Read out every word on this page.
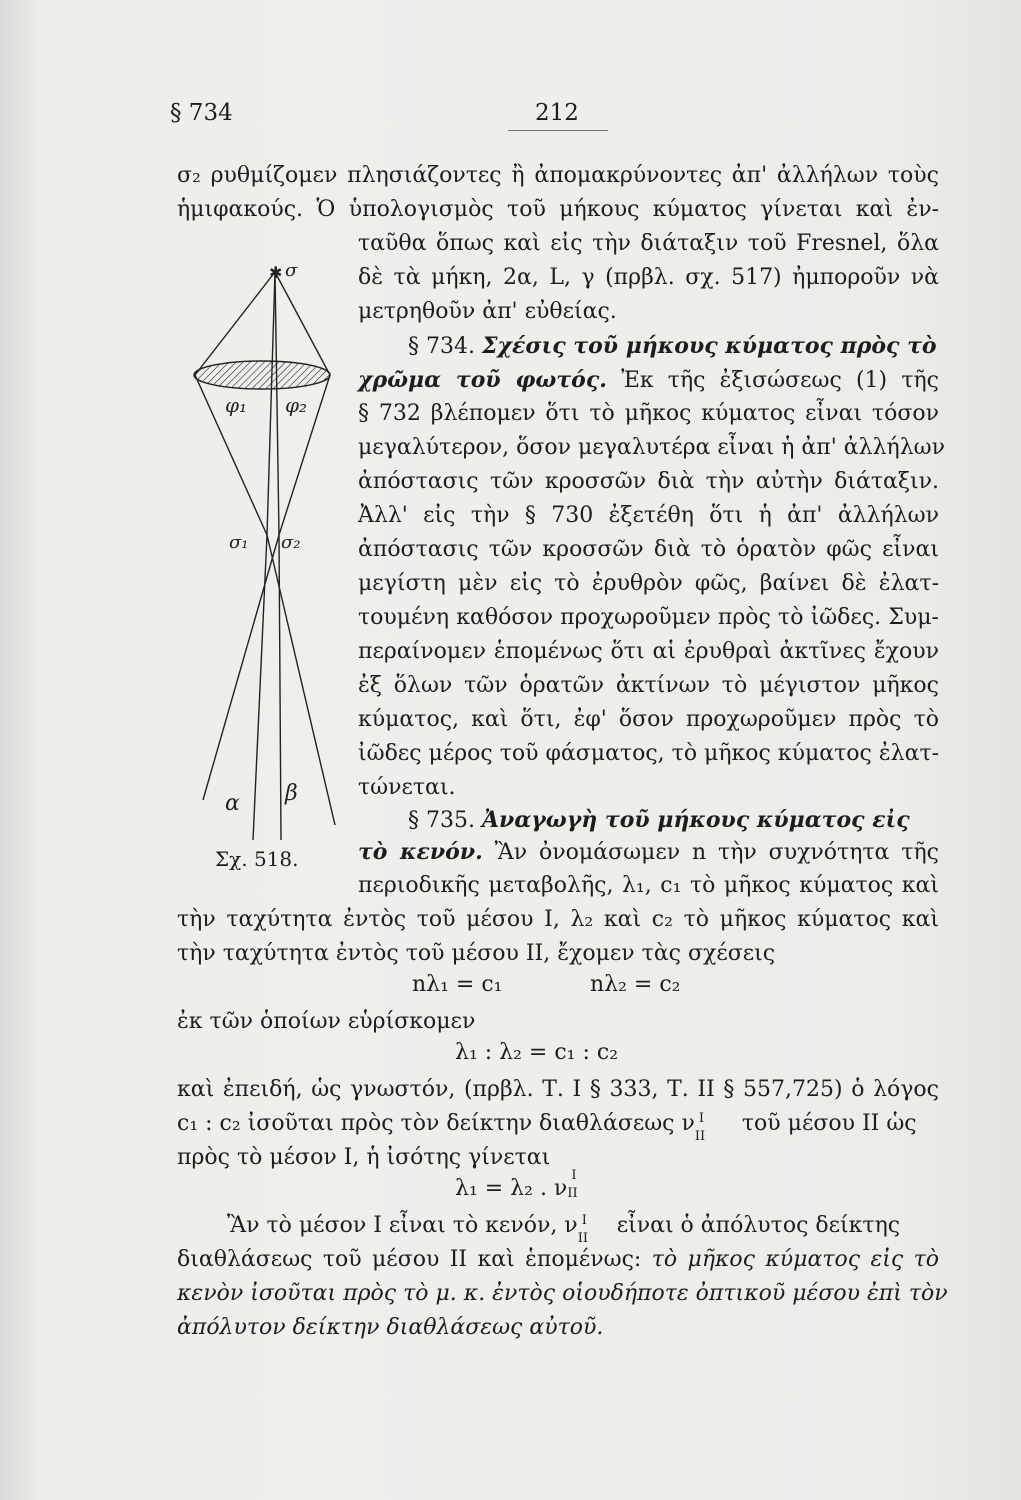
§ 734	212
σ₂ ρυθμίζομεν πλησιάζοντες ἢ ἀπομακρύνοντες ἀπ' ἀλλήλων τοὺς
ἡμιφακούς. Ὁ ὑπολογισμὸς τοῦ μήκους κύματος γίνεται καὶ ἐν-
ταῦθα ὅπως καὶ εἰς τὴν διάταξιν τοῦ Fresnel, ὅλα
δὲ τὰ μήκη, 2α, L, γ (πρβλ. σχ. 517) ἠμποροῦν νὰ
μετρηθοῦν ἀπ' εὐθείας.
§ 734. Σχέσις τοῦ μήκους κύματος πρὸς τὸ
χρῶμα τοῦ φωτός. Ἐκ τῆς ἐξισώσεως (1) τῆς
§ 732 βλέπομεν ὅτι τὸ μῆκος κύματος εἶναι τόσον
μεγαλύτερον, ὅσον μεγαλυτέρα εἶναι ἡ ἀπ' ἀλλήλων
ἀπόστασις τῶν κροσσῶν διὰ τὴν αὐτὴν διάταξιν.
Ἀλλ' εἰς τὴν § 730 ἐξετέθη ὅτι ἡ ἀπ' ἀλλήλων
ἀπόστασις τῶν κροσσῶν διὰ τὸ ὁρατὸν φῶς εἶναι
μεγίστη μὲν εἰς τὸ ἐρυθρὸν φῶς, βαίνει δὲ ἐλατ-
τουμένη καθόσον προχωροῦμεν πρὸς τὸ ἰῶδες. Συμ-
περαίνομεν ἑπομένως ὅτι αἱ ἐρυθραὶ ἀκτῖνες ἔχουν
ἐξ ὅλων τῶν ὁρατῶν ἀκτίνων τὸ μέγιστον μῆκος
κύματος, καὶ ὅτι, ἐφ' ὅσον προχωροῦμεν πρὸς τὸ
ἰῶδες μέρος τοῦ φάσματος, τὸ μῆκος κύματος ἐλατ-
τώνεται.
§ 735. Ἀναγωγὴ τοῦ μήκους κύματος εἰς
τὸ κενόν. Ἂν ὀνομάσωμεν n τὴν συχνότητα τῆς
περιοδικῆς μεταβολῆς, λ₁, c₁ τὸ μῆκος κύματος καὶ
τὴν ταχύτητα ἐντὸς τοῦ μέσου Ι, λ₂ καὶ c₂ τὸ μῆκος κύματος καὶ
τὴν ταχύτητα ἐντὸς τοῦ μέσου ΙΙ, ἔχομεν τὰς σχέσεις
nλ₁ = c₁	nλ₂ = c₂
ἐκ τῶν ὁποίων εὑρίσκομεν
λ₁ : λ₂ = c₁ : c₂
καὶ ἐπειδή, ὡς γνωστόν, (πρβλ. Τ. Ι § 333, Τ. ΙΙ § 557,725) ὁ λόγος
c₁ : c₂ ἰσοῦται πρὸς τὸν δείκτην διαθλάσεως ν I
II
τοῦ μέσου ΙΙ ὡς
πρὸς τὸ μέσον Ι, ἡ ἰσότης γίνεται
λ₁ = λ₂ . ν
I
II
Ἂν τὸ μέσον Ι εἶναι τὸ κενόν, ν I
II
εἶναι ὁ ἀπόλυτος δείκτης
διαθλάσεως τοῦ μέσου ΙΙ καὶ ἑπομένως: τὸ μῆκος κύματος εἰς τὸ
κενὸν ἰσοῦται πρὸς τὸ μ. κ. ἐντὸς οἱουδήποτε ὀπτικοῦ μέσου ἐπὶ τὸν
ἀπόλυτον δείκτην διαθλάσεως αὐτοῦ.
✱ σ
φ₁ φ₂
σ₁ σ₂
α β
Σχ. 518.
